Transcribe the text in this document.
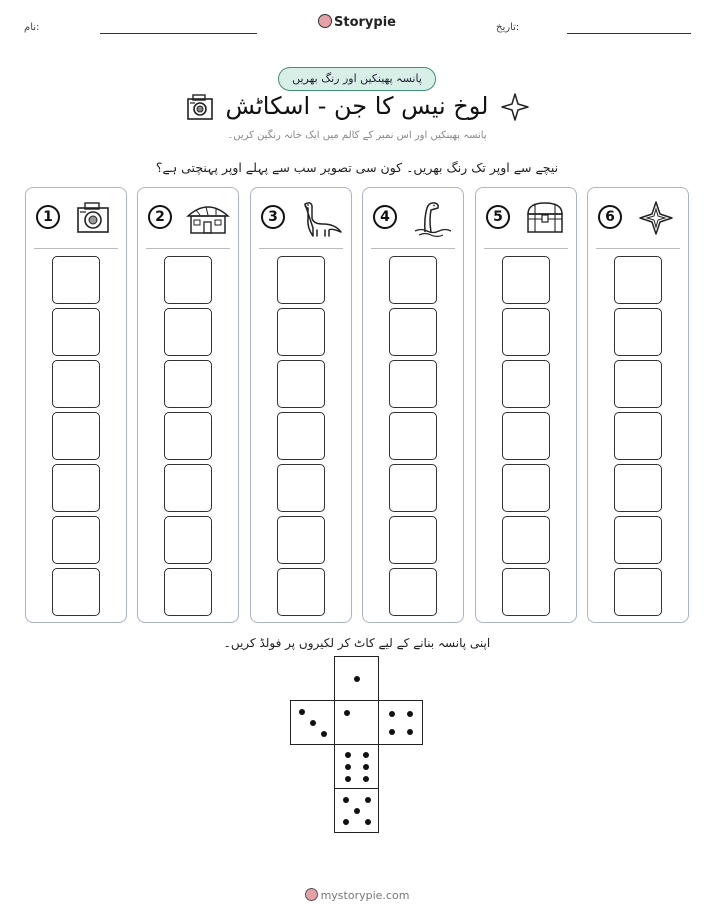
نام:	Storypie	تاریخ:
پانسہ پھینکیں اور رنگ بھریں
لوخ نیس کا جن - اسکاٹش
پانسہ پھینکیں اور اس نمبر کے کالم میں ایک خانہ رنگین کریں۔
نیچے سے اوپر تک رنگ بھریں۔ کون سی تصویر سب سے پہلے اوپر پہنچتی ہے؟
1	2	3	4	5	6
اپنی پانسہ بنانے کے لیے کاٹ کر لکیروں پر فولڈ کریں۔
mystorypie.com
